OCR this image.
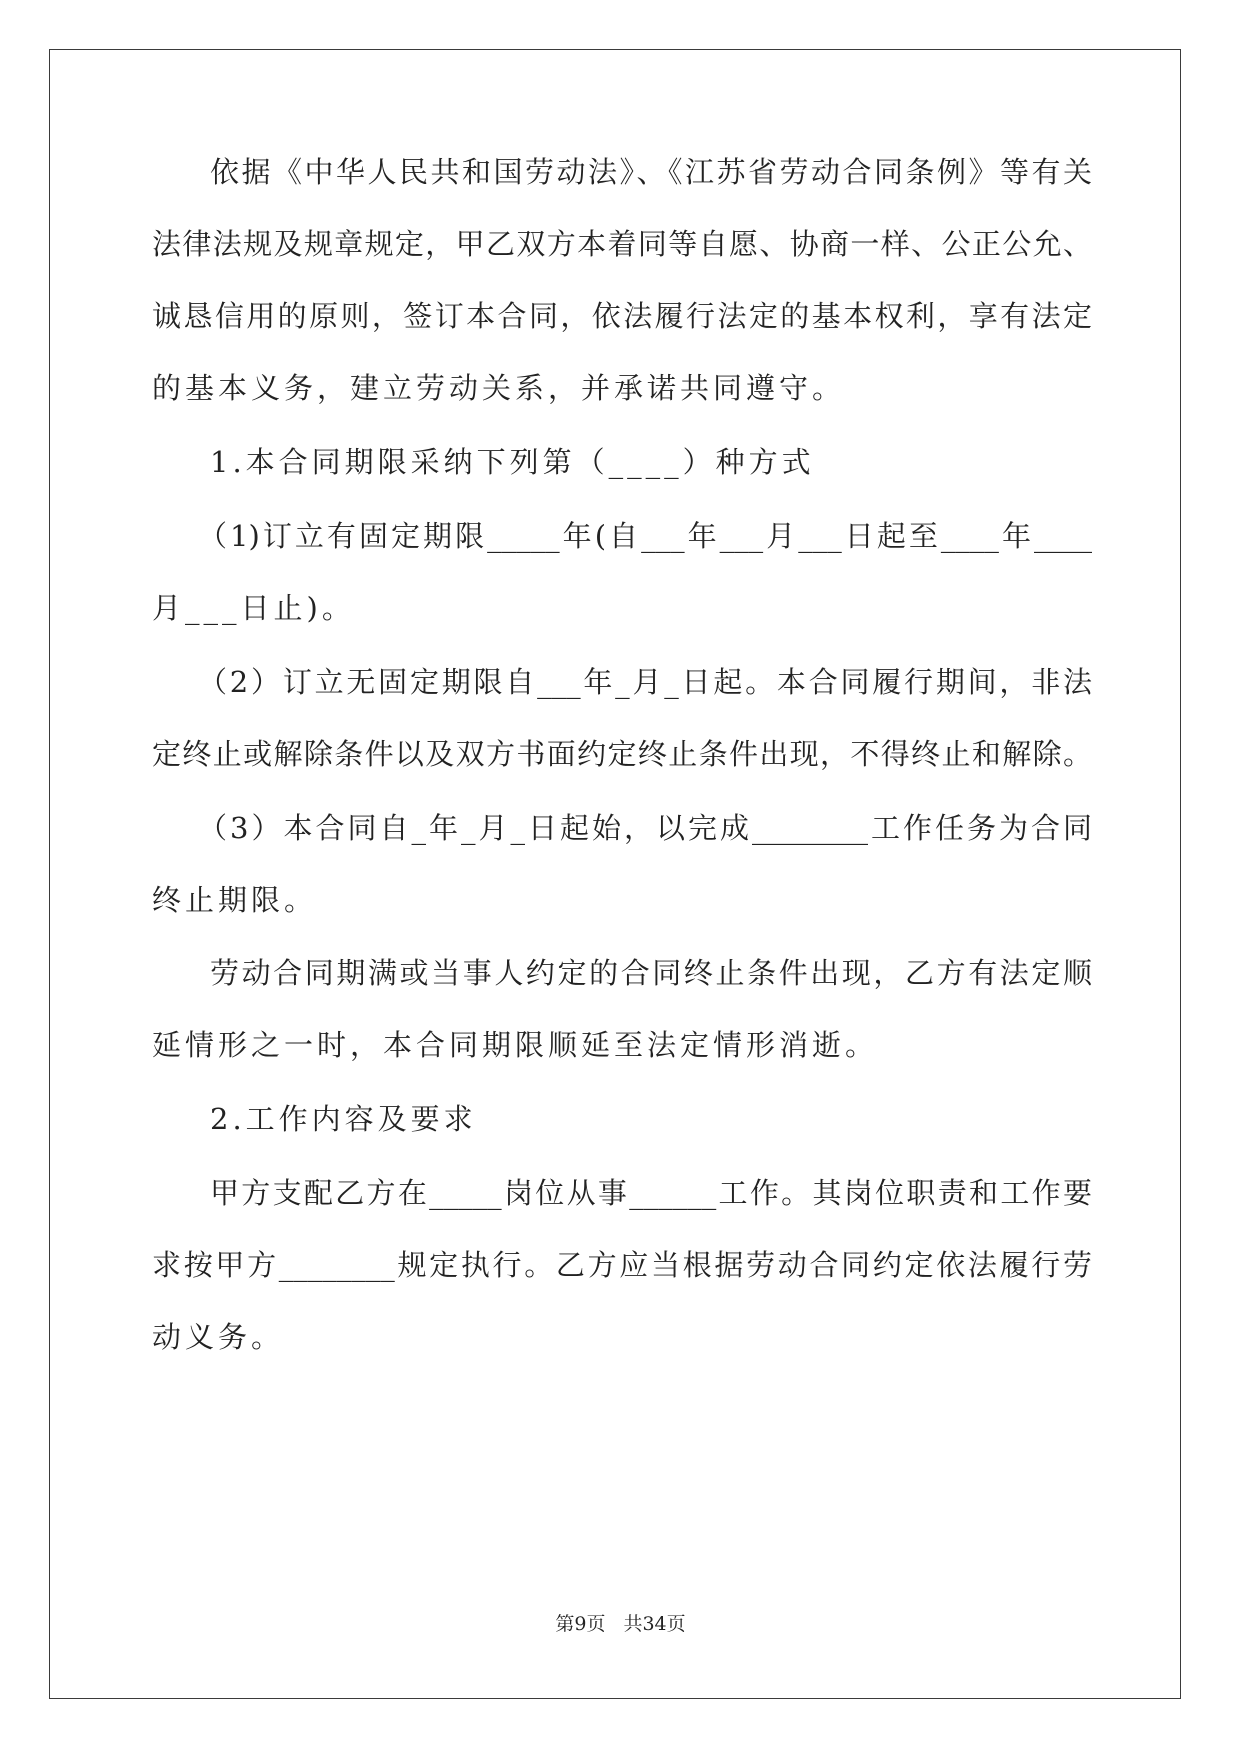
依据《中华人民共和国劳动法》、《江苏省劳动合同条例》等有关
法律法规及规章规定，甲乙双方本着同等自愿、协商一样、公正公允、
诚恳信用的原则，签订本合同，依法履行法定的基本权利，享有法定
的基本义务，建立劳动关系，并承诺共同遵守。
1.本合同期限采纳下列第（____）种方式
（1)订立有固定期限_____年(自___年___月___日起至____年____
月___日止)。
（2）订立无固定期限自___年_月_日起。本合同履行期间，非法
定终止或解除条件以及双方书面约定终止条件出现，不得终止和解除。
（3）本合同自_年_月_日起始，以完成________工作任务为合同
终止期限。
劳动合同期满或当事人约定的合同终止条件出现，乙方有法定顺
延情形之一时，本合同期限顺延至法定情形消逝。
2.工作内容及要求
甲方支配乙方在_____岗位从事______工作。其岗位职责和工作要
求按甲方________规定执行。乙方应当根据劳动合同约定依法履行劳
动义务。
第9页 共34页
